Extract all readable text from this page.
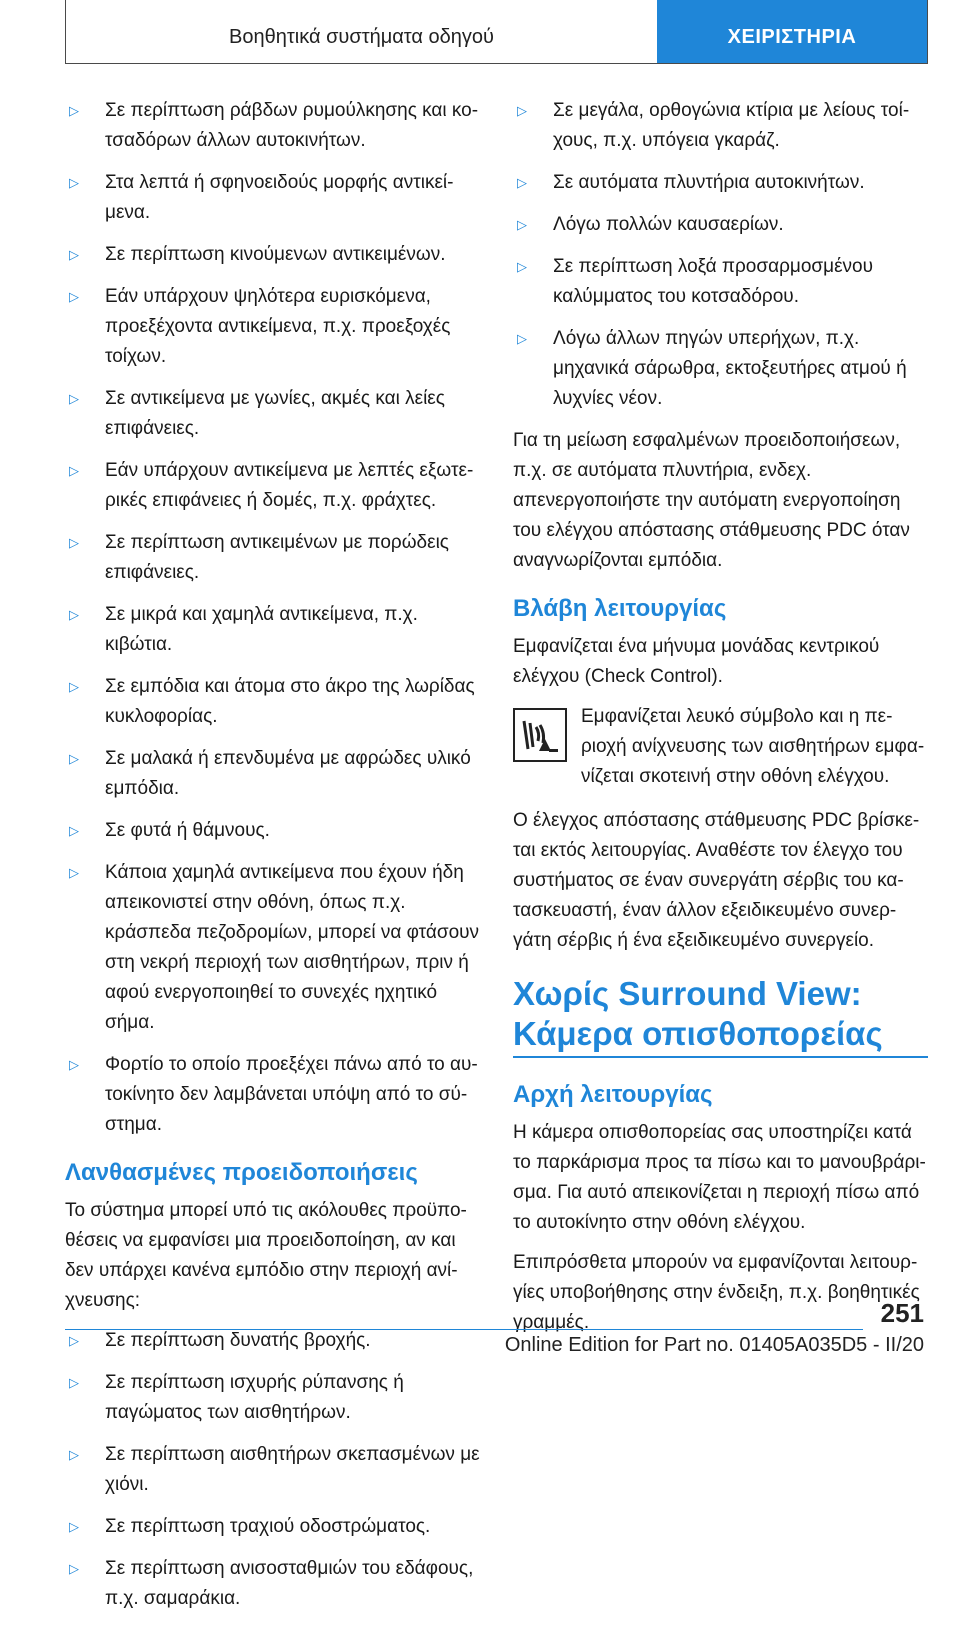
Βοηθητικά συστήματα οδηγού	ΧΕΙΡΙΣΤΗΡΙΑ
▷	Σε περίπτωση ράβδων ρυμούλκησης και κοτσαδόρων άλλων αυτοκινήτων.
▷	Στα λεπτά ή σφηνοειδούς μορφής αντικείμενα.
▷	Σε περίπτωση κινούμενων αντικειμένων.
▷	Εάν υπάρχουν ψηλότερα ευρισκόμενα, προεξέχοντα αντικείμενα, π.χ. προεξοχές τοίχων.
▷	Σε αντικείμενα με γωνίες, ακμές και λείες επιφάνειες.
▷	Εάν υπάρχουν αντικείμενα με λεπτές εξωτερικές επιφάνειες ή δομές, π.χ. φράχτες.
▷	Σε περίπτωση αντικειμένων με πορώδεις επιφάνειες.
▷	Σε μικρά και χαμηλά αντικείμενα, π.χ. κιβώτια.
▷	Σε εμπόδια και άτομα στο άκρο της λωρίδας κυκλοφορίας.
▷	Σε μαλακά ή επενδυμένα με αφρώδες υλικό εμπόδια.
▷	Σε φυτά ή θάμνους.
▷	Κάποια χαμηλά αντικείμενα που έχουν ήδη απεικονιστεί στην οθόνη, όπως π.χ. κράσπεδα πεζοδρομίων, μπορεί να φτάσουν στη νεκρή περιοχή των αισθητήρων, πριν ή αφού ενεργοποιηθεί το συνεχές ηχητικό σήμα.
▷	Φορτίο το οποίο προεξέχει πάνω από το αυτοκίνητο δεν λαμβάνεται υπόψη από το σύστημα.
Λανθασμένες προειδοποιήσεις
Το σύστημα μπορεί υπό τις ακόλουθες προϋποθέσεις να εμφανίσει μια προειδοποίηση, αν και δεν υπάρχει κανένα εμπόδιο στην περιοχή ανίχνευσης:
▷	Σε περίπτωση δυνατής βροχής.
▷	Σε περίπτωση ισχυρής ρύπανσης ή παγώματος των αισθητήρων.
▷	Σε περίπτωση αισθητήρων σκεπασμένων με χιόνι.
▷	Σε περίπτωση τραχιού οδοστρώματος.
▷	Σε περίπτωση ανισοσταθμιών του εδάφους, π.χ. σαμαράκια.
▷	Σε μεγάλα, ορθογώνια κτίρια με λείους τοίχους, π.χ. υπόγεια γκαράζ.
▷	Σε αυτόματα πλυντήρια αυτοκινήτων.
▷	Λόγω πολλών καυσαερίων.
▷	Σε περίπτωση λοξά προσαρμοσμένου καλύμματος του κοτσαδόρου.
▷	Λόγω άλλων πηγών υπερήχων, π.χ. μηχανικά σάρωθρα, εκτοξευτήρες ατμού ή λυχνίες νέον.
Για τη μείωση εσφαλμένων προειδοποιήσεων, π.χ. σε αυτόματα πλυντήρια, ενδεχ. απενεργοποιήστε την αυτόματη ενεργοποίηση του ελέγχου απόστασης στάθμευσης PDC όταν αναγνωρίζονται εμπόδια.
Βλάβη λειτουργίας
Εμφανίζεται ένα μήνυμα μονάδας κεντρικού ελέγχου (Check Control).
Εμφανίζεται λευκό σύμβολο και η περιοχή ανίχνευσης των αισθητήρων εμφανίζεται σκοτεινή στην οθόνη ελέγχου.
Ο έλεγχος απόστασης στάθμευσης PDC βρίσκεται εκτός λειτουργίας. Αναθέστε τον έλεγχο του συστήματος σε έναν συνεργάτη σέρβις του κατασκευαστή, έναν άλλον εξειδικευμένο συνεργάτη σέρβις ή ένα εξειδικευμένο συνεργείο.
Χωρίς Surround View:
Κάμερα οπισθοπορείας
Αρχή λειτουργίας
Η κάμερα οπισθοπορείας σας υποστηρίζει κατά το παρκάρισμα προς τα πίσω και το μανουβράρισμα. Για αυτό απεικονίζεται η περιοχή πίσω από το αυτοκίνητο στην οθόνη ελέγχου.
Επιπρόσθετα μπορούν να εμφανίζονται λειτουργίες υποβοήθησης στην ένδειξη, π.χ. βοηθητικές γραμμές.	251
Online Edition for Part no. 01405A035D5 - II/20
